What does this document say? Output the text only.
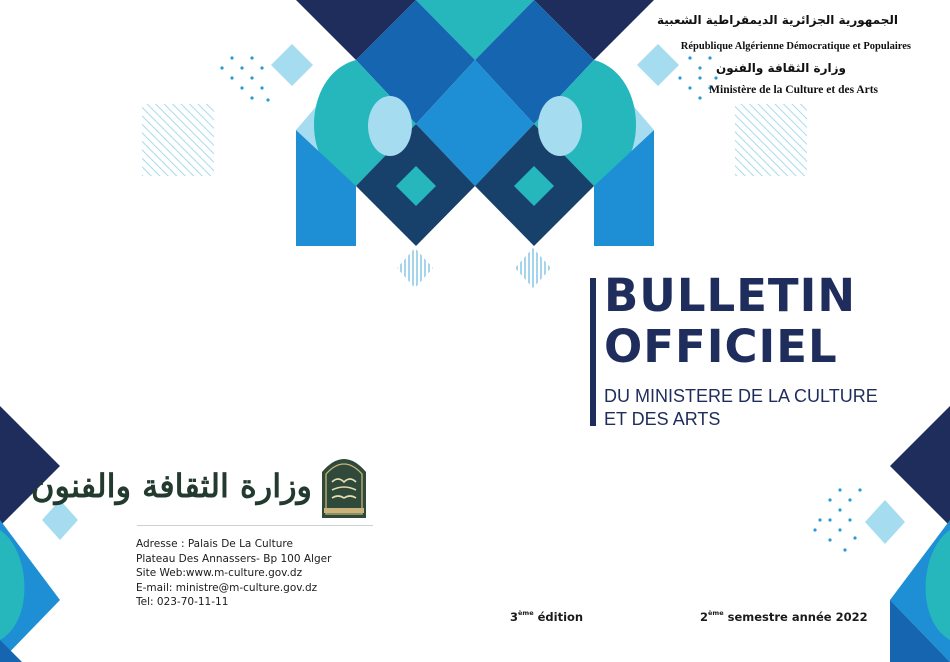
الجمهورية الجزائرية الديمقراطية الشعبية
République Algérienne Démocratique et Populaires
وزارة الثقافة والفنون
Ministère de la Culture et des Arts
BULLETIN
OFFICIEL
DU MINISTERE DE LA CULTURE
ET DES ARTS
وزارة الثقافة والفنون
Adresse : Palais De La Culture
Plateau Des Annassers- Bp 100 Alger
Site Web:www.m-culture.gov.dz
E-mail: ministre@m-culture.gov.dz
Tel: 023-70-11-11
3ème édition	2ème semestre année 2022
